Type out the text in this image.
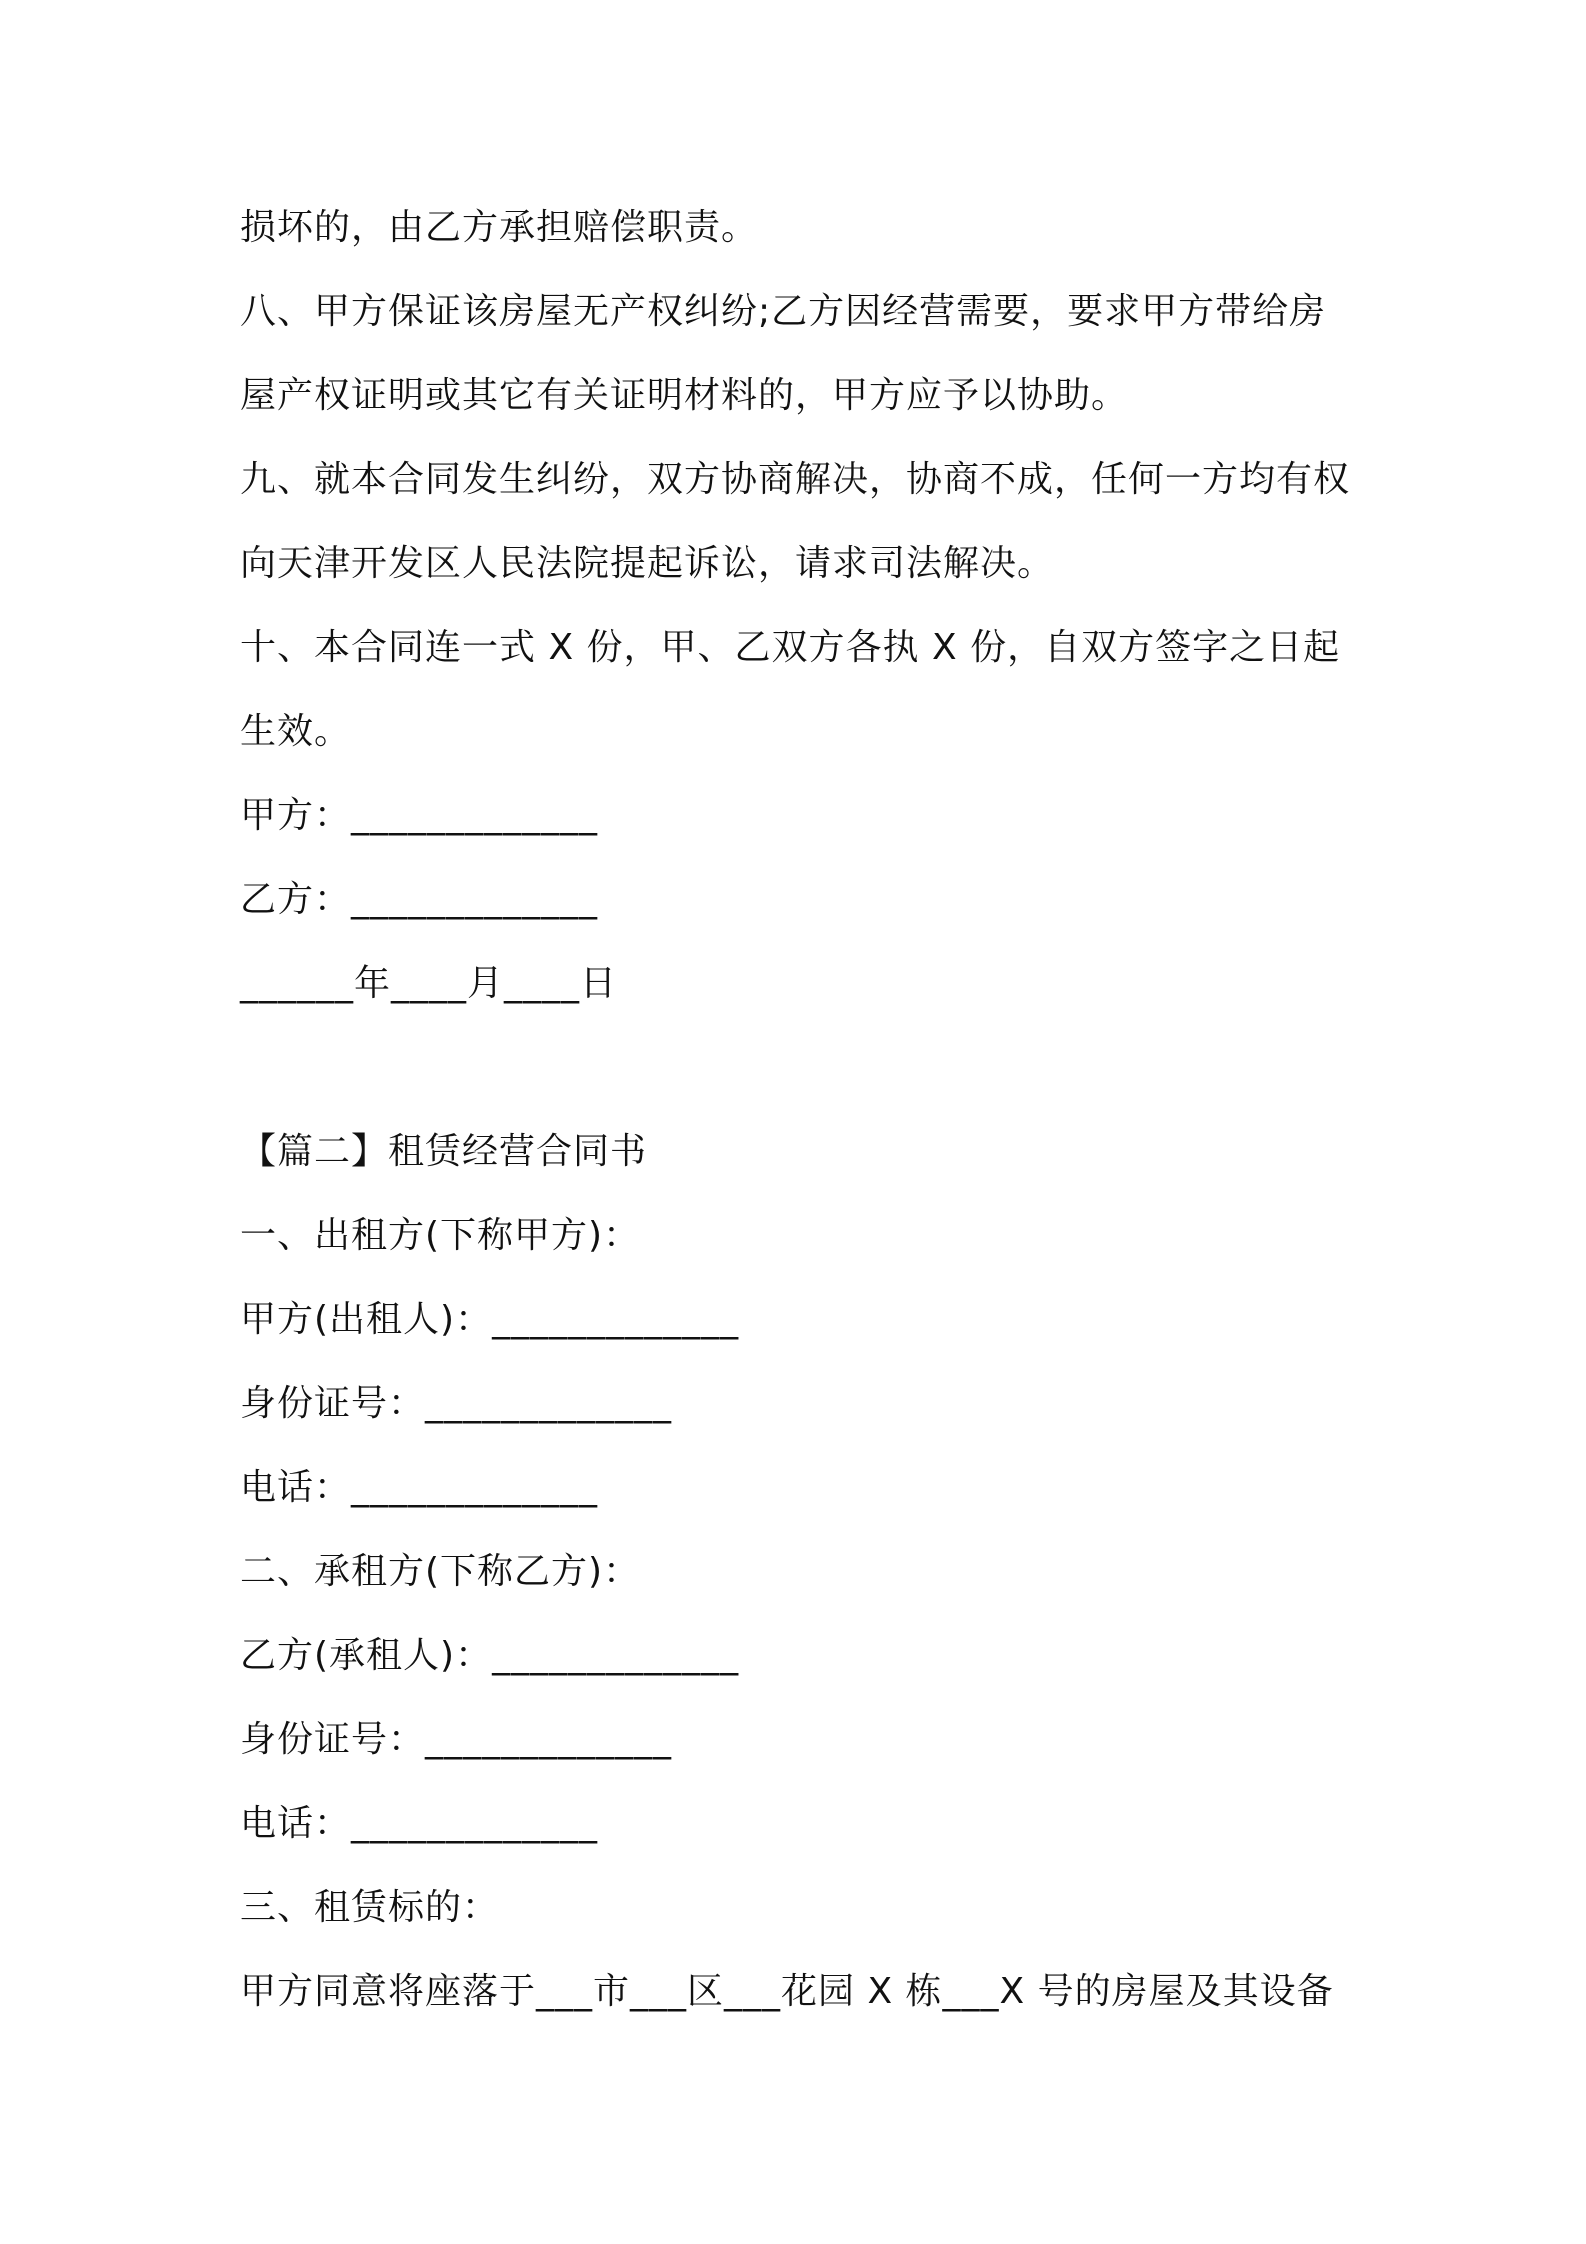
损坏的，由乙方承担赔偿职责。
八、甲方保证该房屋无产权纠纷;乙方因经营需要，要求甲方带给房
屋产权证明或其它有关证明材料的，甲方应予以协助。
九、就本合同发生纠纷，双方协商解决，协商不成，任何一方均有权
向天津开发区人民法院提起诉讼，请求司法解决。
十、本合同连一式 X 份，甲、乙双方各执 X 份，自双方签字之日起
生效。
甲方：_____________
乙方：_____________
______年____月____日
【篇二】租赁经营合同书
一、出租方(下称甲方)：
甲方(出租人)：_____________
身份证号：_____________
电话：_____________
二、承租方(下称乙方)：
乙方(承租人)：_____________
身份证号：_____________
电话：_____________
三、租赁标的：
甲方同意将座落于___市___区___花园 X 栋___X 号的房屋及其设备
